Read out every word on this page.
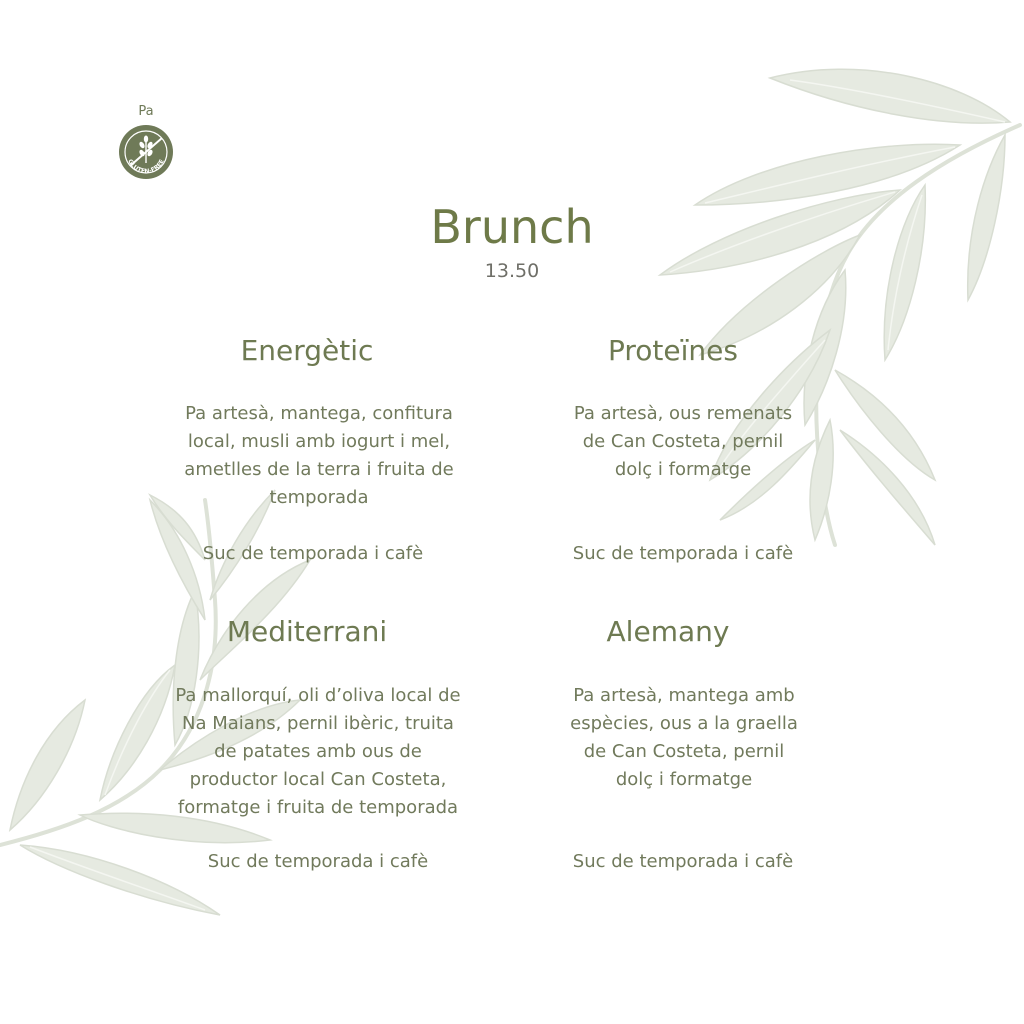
Pa
GLUTEN-FREE
Brunch
13.50
Energètic
Pa artesà, mantega, confitura
local, musli amb iogurt i mel,
ametlles de la terra i fruita de
temporada
Suc de temporada i cafè
Proteïnes
Pa artesà, ous remenats
de Can Costeta, pernil
dolç i formatge
Suc de temporada i cafè
Mediterrani
Pa mallorquí, oli d’oliva local de
Na Maians, pernil ibèric, truita
de patates amb ous de
productor local Can Costeta,
formatge i fruita de temporada
Suc de temporada i cafè
Alemany
Pa artesà, mantega amb
espècies, ous a la graella
de Can Costeta, pernil
dolç i formatge
Suc de temporada i cafè
